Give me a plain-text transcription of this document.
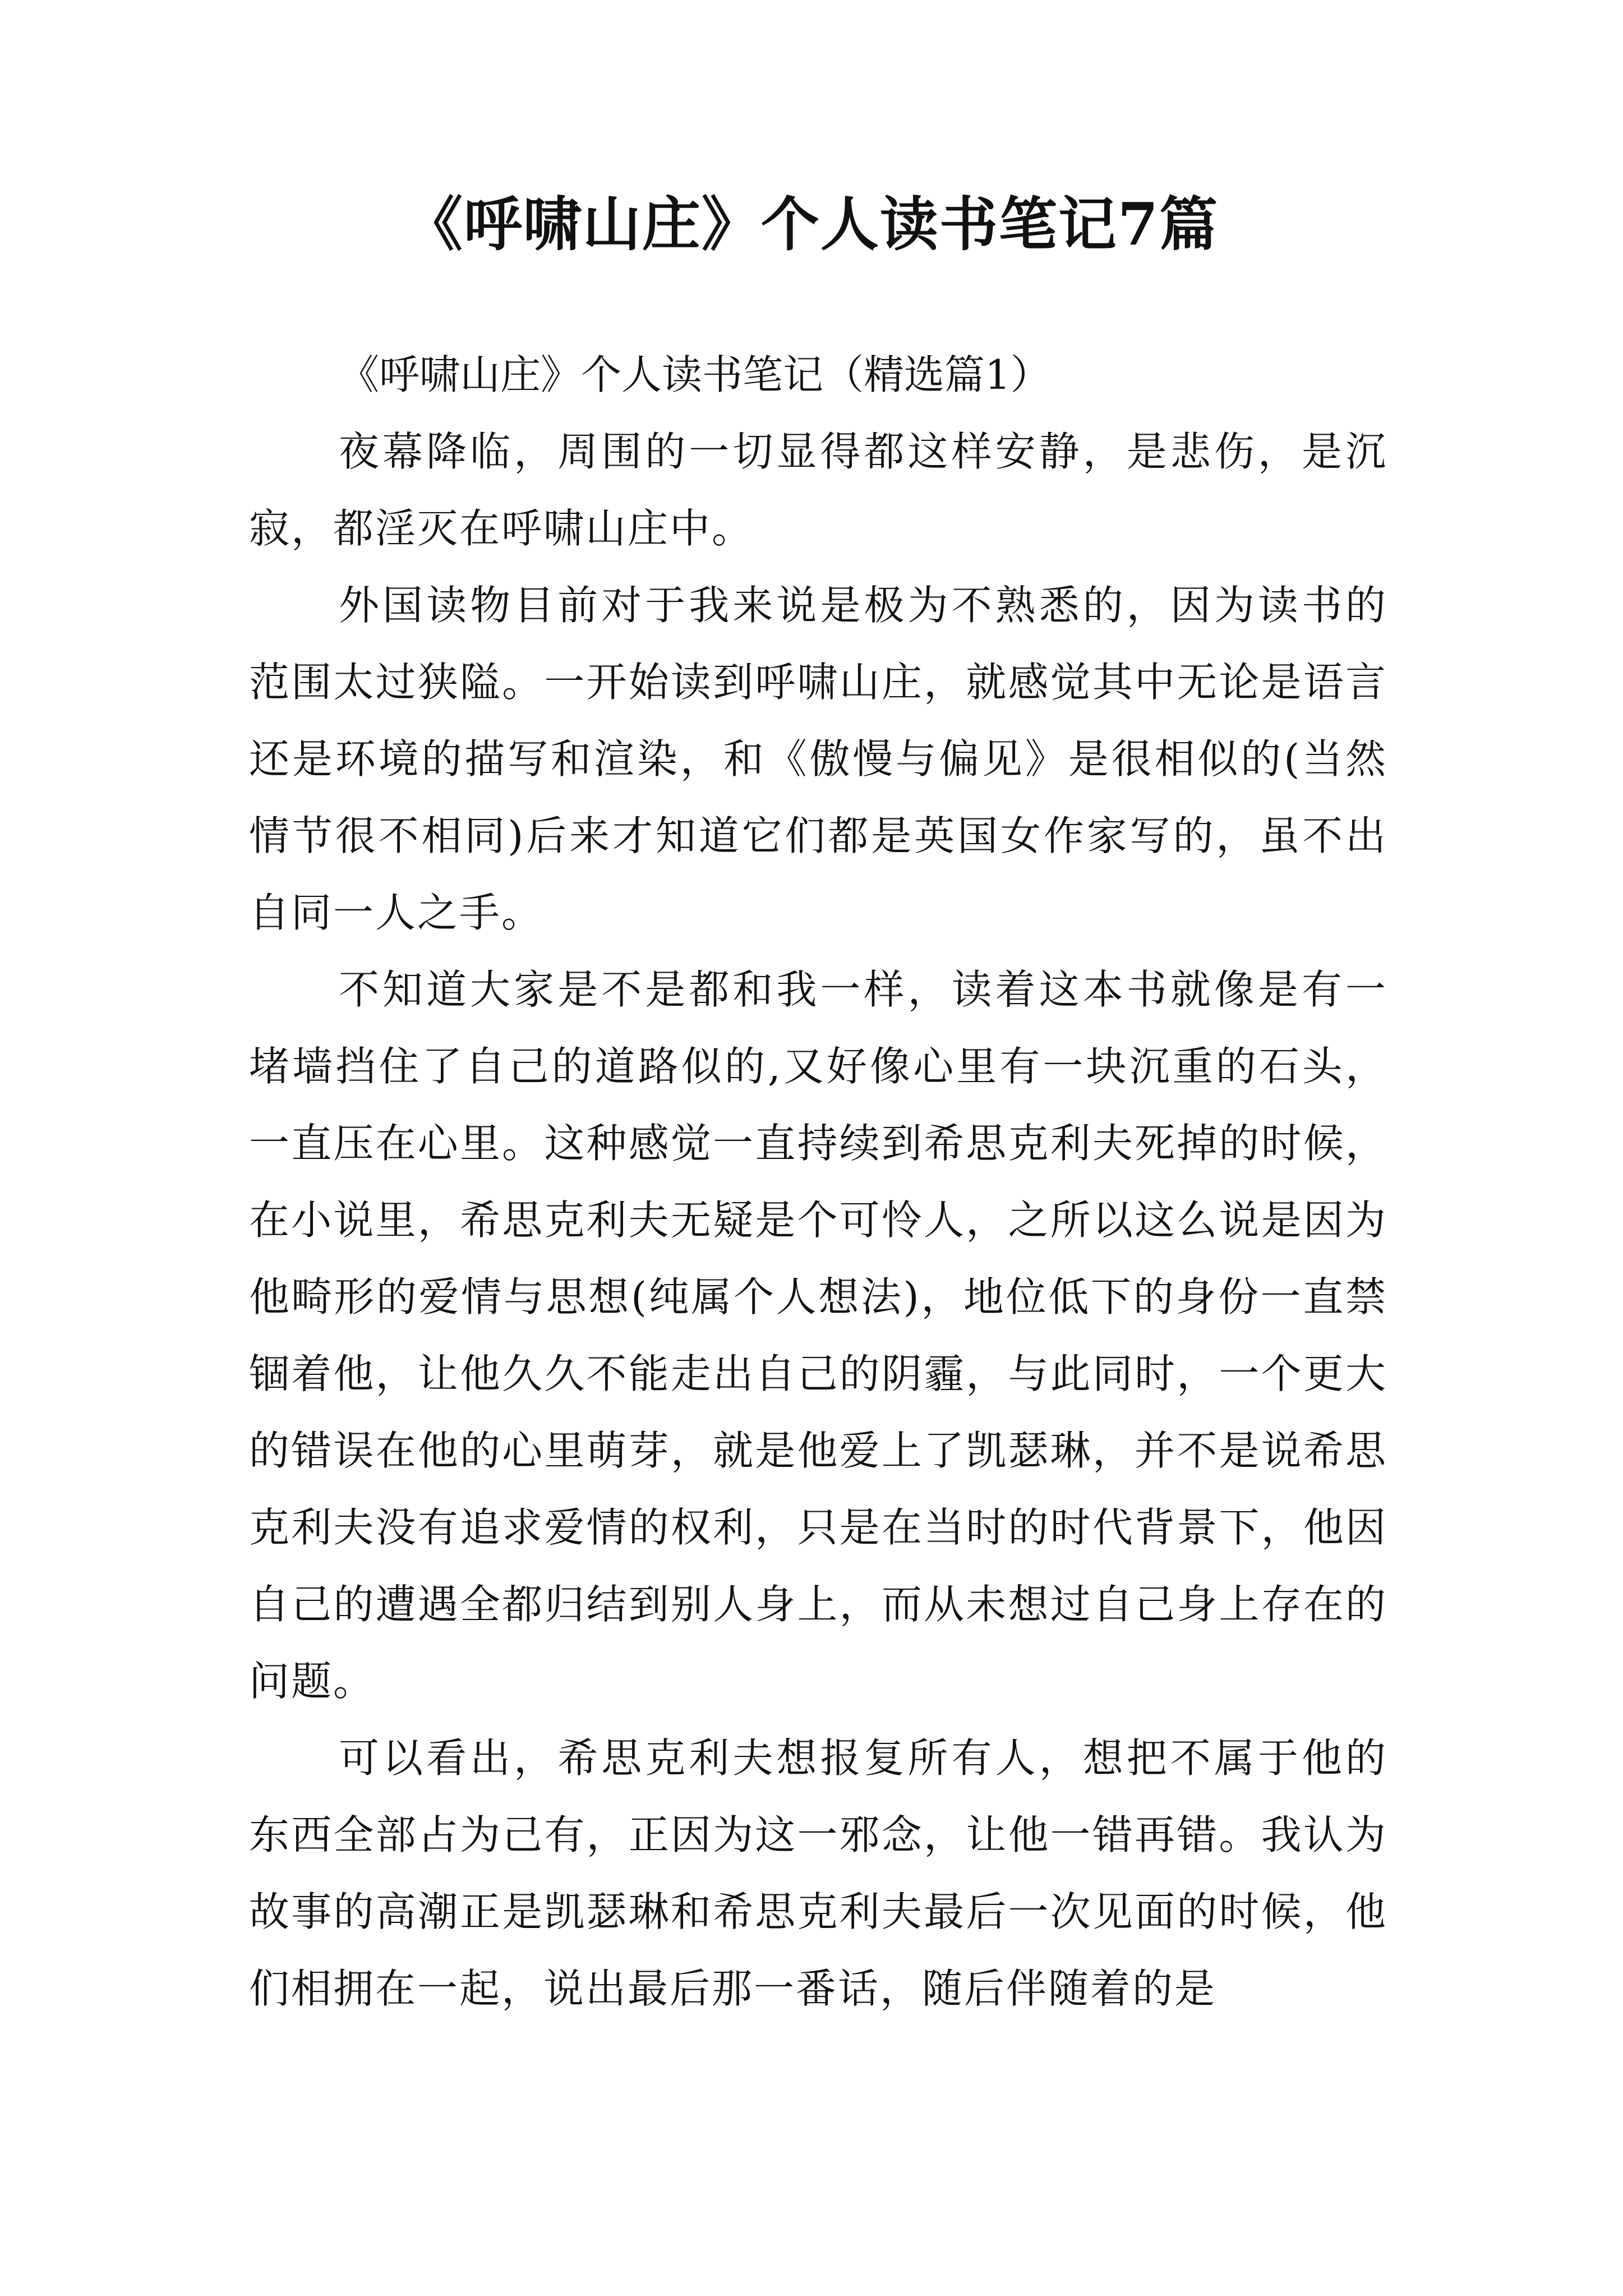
《呼啸山庄》个人读书笔记7篇

《呼啸山庄》个人读书笔记（精选篇1）

夜幕降临，周围的一切显得都这样安静，是悲伤，是沉寂，都淫灭在呼啸山庄中。

外国读物目前对于我来说是极为不熟悉的，因为读书的范围太过狭隘。一开始读到呼啸山庄，就感觉其中无论是语言还是环境的描写和渲染，和《傲慢与偏见》是很相似的(当然情节很不相同)后来才知道它们都是英国女作家写的，虽不出自同一人之手。

不知道大家是不是都和我一样，读着这本书就像是有一堵墙挡住了自己的道路似的,又好像心里有一块沉重的石头，一直压在心里。这种感觉一直持续到希思克利夫死掉的时候，在小说里，希思克利夫无疑是个可怜人，之所以这么说是因为他畸形的爱情与思想(纯属个人想法)，地位低下的身份一直禁锢着他，让他久久不能走出自己的阴霾，与此同时，一个更大的错误在他的心里萌芽，就是他爱上了凯瑟琳，并不是说希思克利夫没有追求爱情的权利，只是在当时的时代背景下，他因自己的遭遇全都归结到别人身上，而从未想过自己身上存在的问题。

可以看出，希思克利夫想报复所有人，想把不属于他的东西全部占为己有，正因为这一邪念，让他一错再错。我认为故事的高潮正是凯瑟琳和希思克利夫最后一次见面的时候，他们相拥在一起，说出最后那一番话，随后伴随着的是
